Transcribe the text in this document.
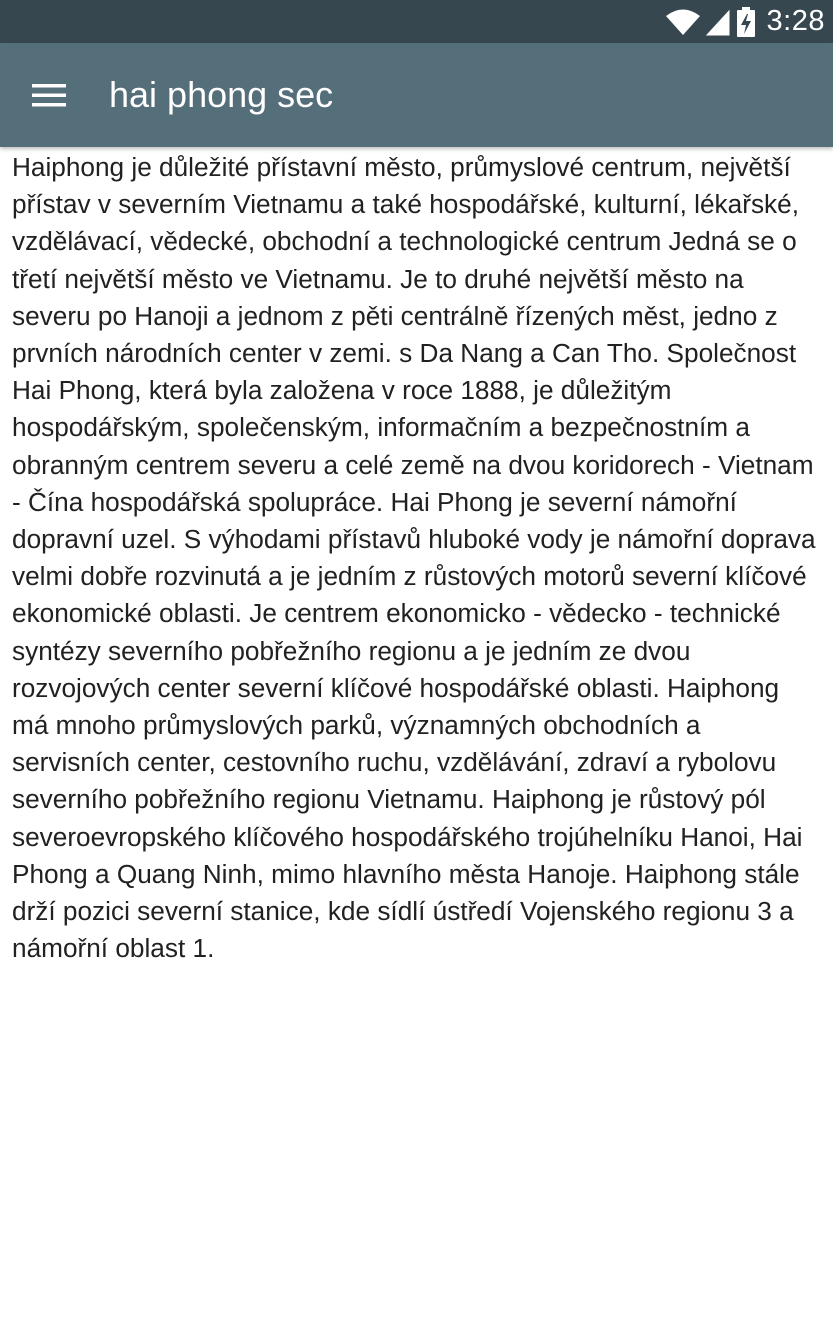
3:28
hai phong sec

Haiphong je důležité přístavní město, průmyslové centrum, největší přístav v severním Vietnamu a také hospodářské, kulturní, lékařské, vzdělávací, vědecké, obchodní a technologické centrum Jedná se o třetí největší město ve Vietnamu. Je to druhé největší město na severu po Hanoji a jednom z pěti centrálně řízených měst, jedno z prvních národních center v zemi. s Da Nang a Can Tho. Společnost Hai Phong, která byla založena v roce 1888, je důležitým hospodářským, společenským, informačním a bezpečnostním a obranným centrem severu a celé země na dvou koridorech - Vietnam - Čína hospodářská spolupráce. Hai Phong je severní námořní dopravní uzel. S výhodami přístavů hluboké vody je námořní doprava velmi dobře rozvinutá a je jedním z růstových motorů severní klíčové ekonomické oblasti. Je centrem ekonomicko - vědecko - technické syntézy severního pobřežního regionu a je jedním ze dvou rozvojových center severní klíčové hospodářské oblasti. Haiphong má mnoho průmyslových parků, významných obchodních a servisních center, cestovního ruchu, vzdělávání, zdraví a rybolovu severního pobřežního regionu Vietnamu. Haiphong je růstový pól severoevropského klíčového hospodářského trojúhelníku Hanoi, Hai Phong a Quang Ninh, mimo hlavního města Hanoje. Haiphong stále drží pozici severní stanice, kde sídlí ústředí Vojenského regionu 3 a námořní oblast 1.
